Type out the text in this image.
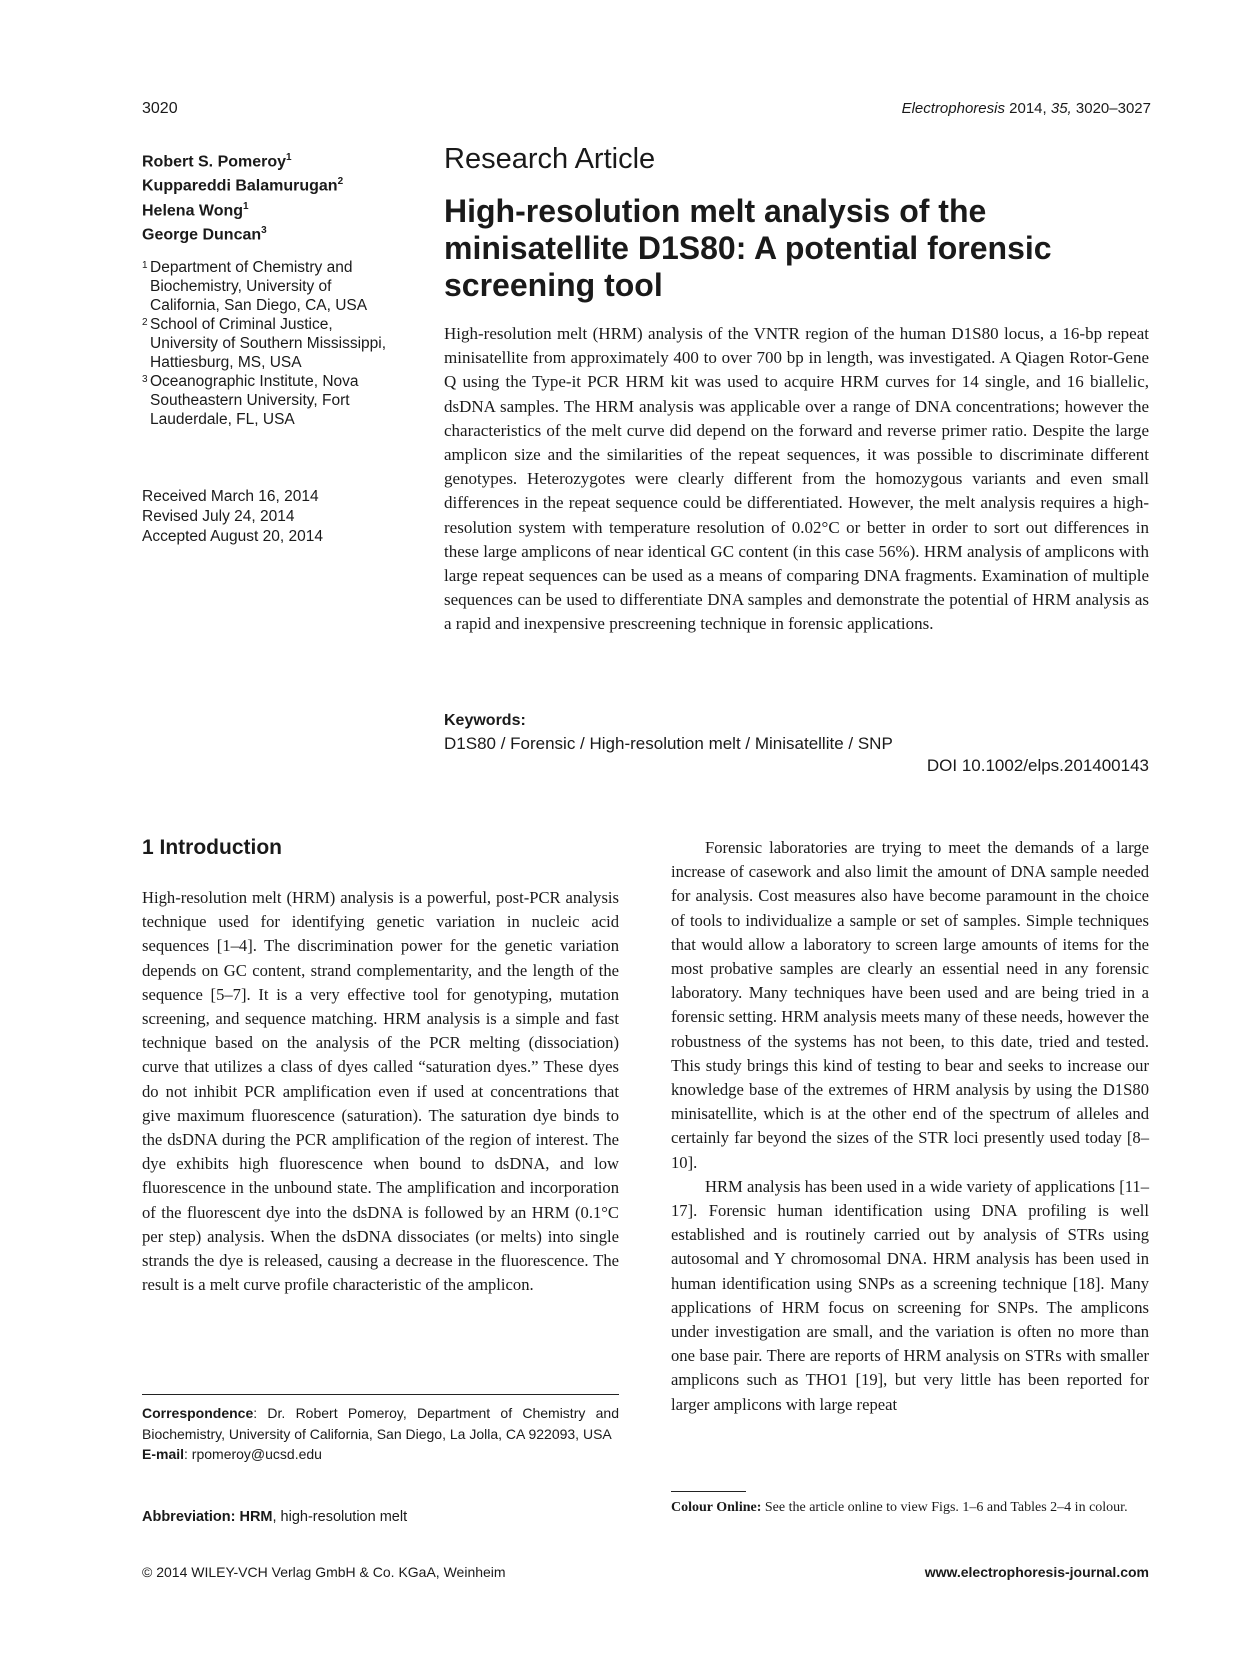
3020	Electrophoresis 2014, 35, 3020–3027
Robert S. Pomeroy$^1$
Kuppareddi Balamurugan$^2$
Helena Wong$^1$
George Duncan$^3$
1 Department of Chemistry and Biochemistry, University of California, San Diego, CA, USA
2 School of Criminal Justice, University of Southern Mississippi, Hattiesburg, MS, USA
3 Oceanographic Institute, Nova Southeastern University, Fort Lauderdale, FL, USA
Received March 16, 2014
Revised July 24, 2014
Accepted August 20, 2014
Research Article
High-resolution melt analysis of the minisatellite D1S80: A potential forensic screening tool
High-resolution melt (HRM) analysis of the VNTR region of the human D1S80 locus, a 16-bp repeat minisatellite from approximately 400 to over 700 bp in length, was investigated. A Qiagen Rotor-Gene Q using the Type-it PCR HRM kit was used to acquire HRM curves for 14 single, and 16 biallelic, dsDNA samples. The HRM analysis was applicable over a range of DNA concentrations; however the characteristics of the melt curve did depend on the forward and reverse primer ratio. Despite the large amplicon size and the similarities of the repeat sequences, it was possible to discriminate different genotypes. Heterozygotes were clearly different from the homozygous variants and even small differences in the repeat sequence could be differentiated. However, the melt analysis requires a high-resolution system with temperature resolution of 0.02°C or better in order to sort out differences in these large amplicons of near identical GC content (in this case 56%). HRM analysis of amplicons with large repeat sequences can be used as a means of comparing DNA fragments. Examination of multiple sequences can be used to differentiate DNA samples and demonstrate the potential of HRM analysis as a rapid and inexpensive prescreening technique in forensic applications.
Keywords:
D1S80 / Forensic / High-resolution melt / Minisatellite / SNP
DOI 10.1002/elps.201400143
1 Introduction

High-resolution melt (HRM) analysis is a powerful, post-PCR analysis technique used for identifying genetic variation in nucleic acid sequences [1–4]. The discrimination power for the genetic variation depends on GC content, strand complementarity, and the length of the sequence [5–7]. It is a very effective tool for genotyping, mutation screening, and sequence matching. HRM analysis is a simple and fast technique based on the analysis of the PCR melting (dissociation) curve that utilizes a class of dyes called “saturation dyes.” These dyes do not inhibit PCR amplification even if used at concentrations that give maximum fluorescence (saturation). The saturation dye binds to the dsDNA during the PCR amplification of the region of interest. The dye exhibits high fluorescence when bound to dsDNA, and low fluorescence in the unbound state. The amplification and incorporation of the fluorescent dye into the dsDNA is followed by an HRM (0.1°C per step) analysis. When the dsDNA dissociates (or melts) into single strands the dye is released, causing a decrease in the fluorescence. The result is a melt curve profile characteristic of the amplicon.

Forensic laboratories are trying to meet the demands of a large increase of casework and also limit the amount of DNA sample needed for analysis. Cost measures also have become paramount in the choice of tools to individualize a sample or set of samples. Simple techniques that would allow a laboratory to screen large amounts of items for the most probative samples are clearly an essential need in any forensic laboratory. Many techniques have been used and are being tried in a forensic setting. HRM analysis meets many of these needs, however the robustness of the systems has not been, to this date, tried and tested. This study brings this kind of testing to bear and seeks to increase our knowledge base of the extremes of HRM analysis by using the D1S80 minisatellite, which is at the other end of the spectrum of alleles and certainly far beyond the sizes of the STR loci presently used today [8–10].

HRM analysis has been used in a wide variety of applications [11–17]. Forensic human identification using DNA profiling is well established and is routinely carried out by analysis of STRs using autosomal and Y chromosomal DNA. HRM analysis has been used in human identification using SNPs as a screening technique [18]. Many applications of HRM focus on screening for SNPs. The amplicons under investigation are small, and the variation is often no more than one base pair. There are reports of HRM analysis on STRs with smaller amplicons such as THO1 [19], but very little has been reported for larger amplicons with large repeat

Correspondence: Dr. Robert Pomeroy, Department of Chemistry and Biochemistry, University of California, San Diego, La Jolla, CA 922093, USA
E-mail: rpomeroy@ucsd.edu
Abbreviation: HRM, high-resolution melt
Colour Online: See the article online to view Figs. 1–6 and Tables 2–4 in colour.
© 2014 WILEY-VCH Verlag GmbH & Co. KGaA, Weinheim	www.electrophoresis-journal.com
